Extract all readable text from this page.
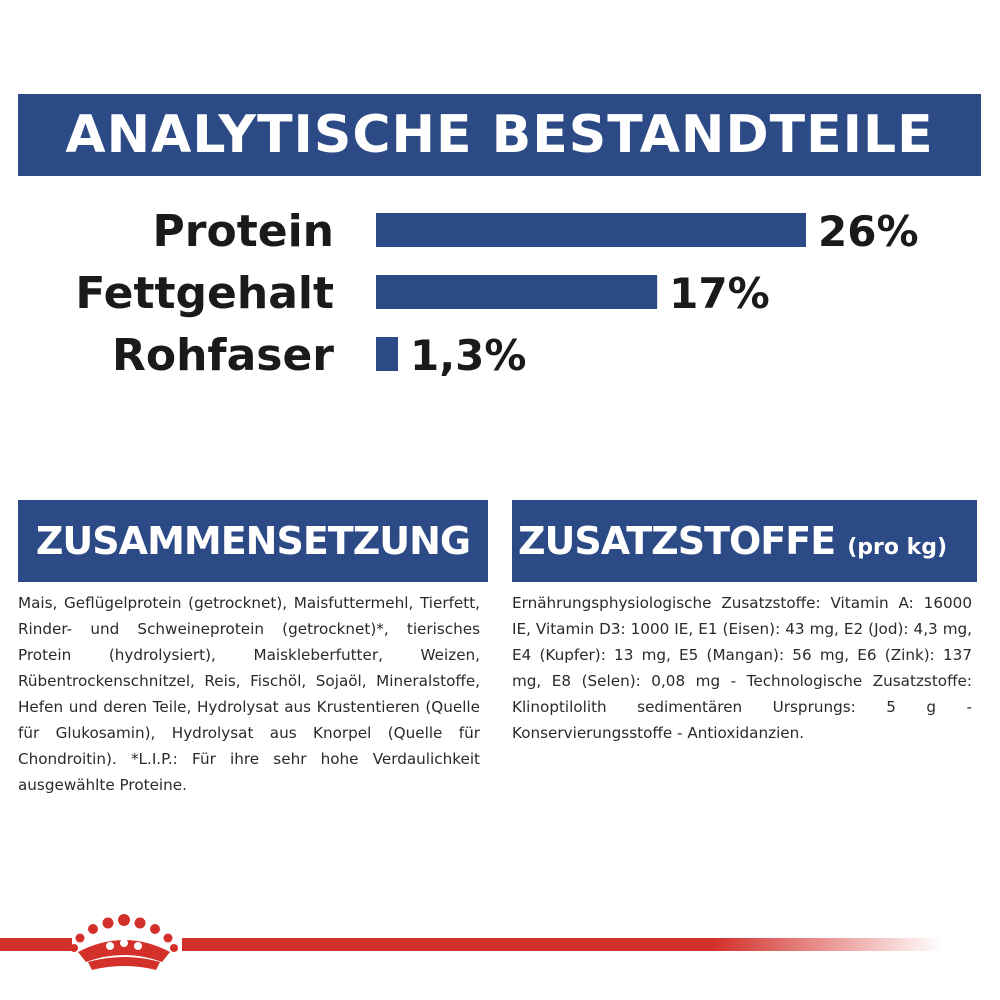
ANALYTISCHE BESTANDTEILE
Protein	26%
Fettgehalt	17%
Rohfaser 1,3%
ZUSAMMENSETZUNG
Mais, Geflügelprotein (getrocknet), Maisfuttermehl, Tierfett, Rinder- und Schweineprotein (getrocknet)*, tierisches Protein (hydrolysiert), Maiskleberfutter, Weizen, Rübentrockenschnitzel, Reis, Fischöl, Sojaöl, Mineralstoffe, Hefen und deren Teile, Hydrolysat aus Krustentieren (Quelle für Glukosamin), Hydrolysat aus Knorpel (Quelle für Chondroitin). *L.I.P.: Für ihre sehr hohe Verdaulichkeit ausgewählte Proteine.
ZUSATZSTOFFE (pro kg)
Ernährungsphysiologische Zusatzstoffe: Vitamin A: 16000 IE, Vitamin D3: 1000 IE, E1 (Eisen): 43 mg, E2 (Jod): 4,3 mg, E4 (Kupfer): 13 mg, E5 (Mangan): 56 mg, E6 (Zink): 137 mg, E8 (Selen): 0,08 mg - Technologische Zusatzstoffe: Klinoptilolith sedimentären Ursprungs: 5 g - Konservierungsstoffe - Antioxidanzien.
